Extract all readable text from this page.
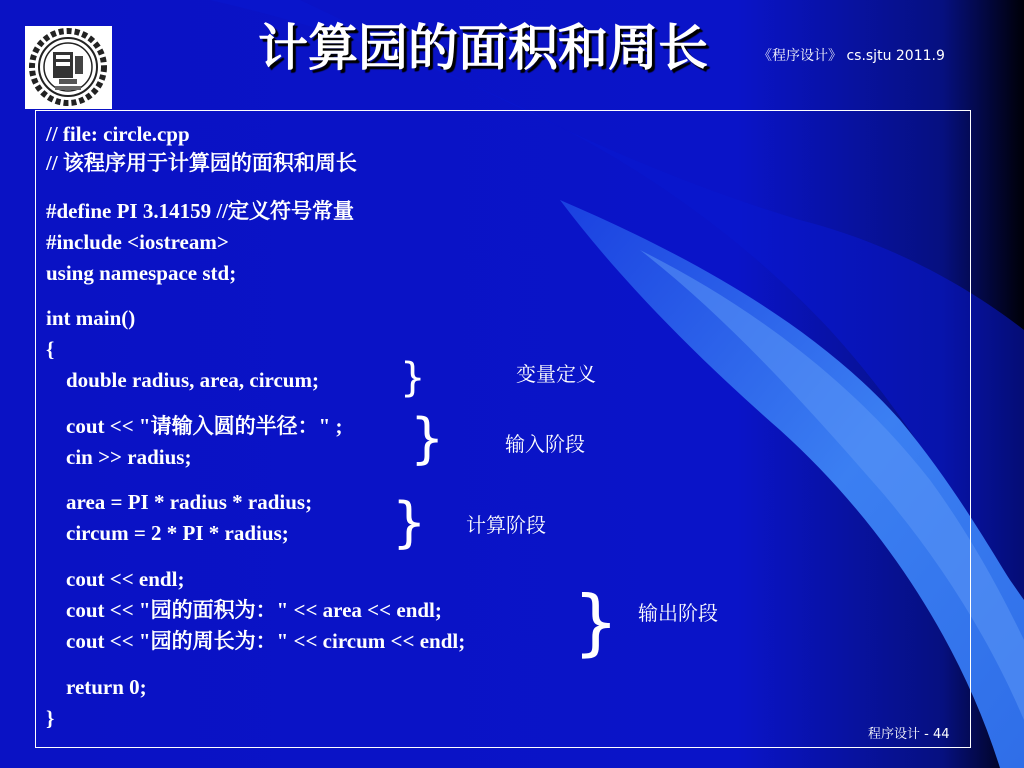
计算园的面积和周长	《程序设计》 cs.sjtu 2011.9
// file: circle.cpp
// 该程序用于计算园的面积和周长
#define PI 3.14159 //定义符号常量
#include <iostream>
using namespace std;
int main()
{
double radius, area, circum;
cout << "请输入圆的半径：" ;
cin >> radius;
area = PI * radius * radius;
circum = 2 * PI * radius;
cout << endl;
cout << "园的面积为：" << area << endl;
cout << "园的周长为：" << circum << endl;
return 0;
}
}
}
}
}
变量定义
输入阶段
计算阶段
输出阶段
程序设计 - 44
